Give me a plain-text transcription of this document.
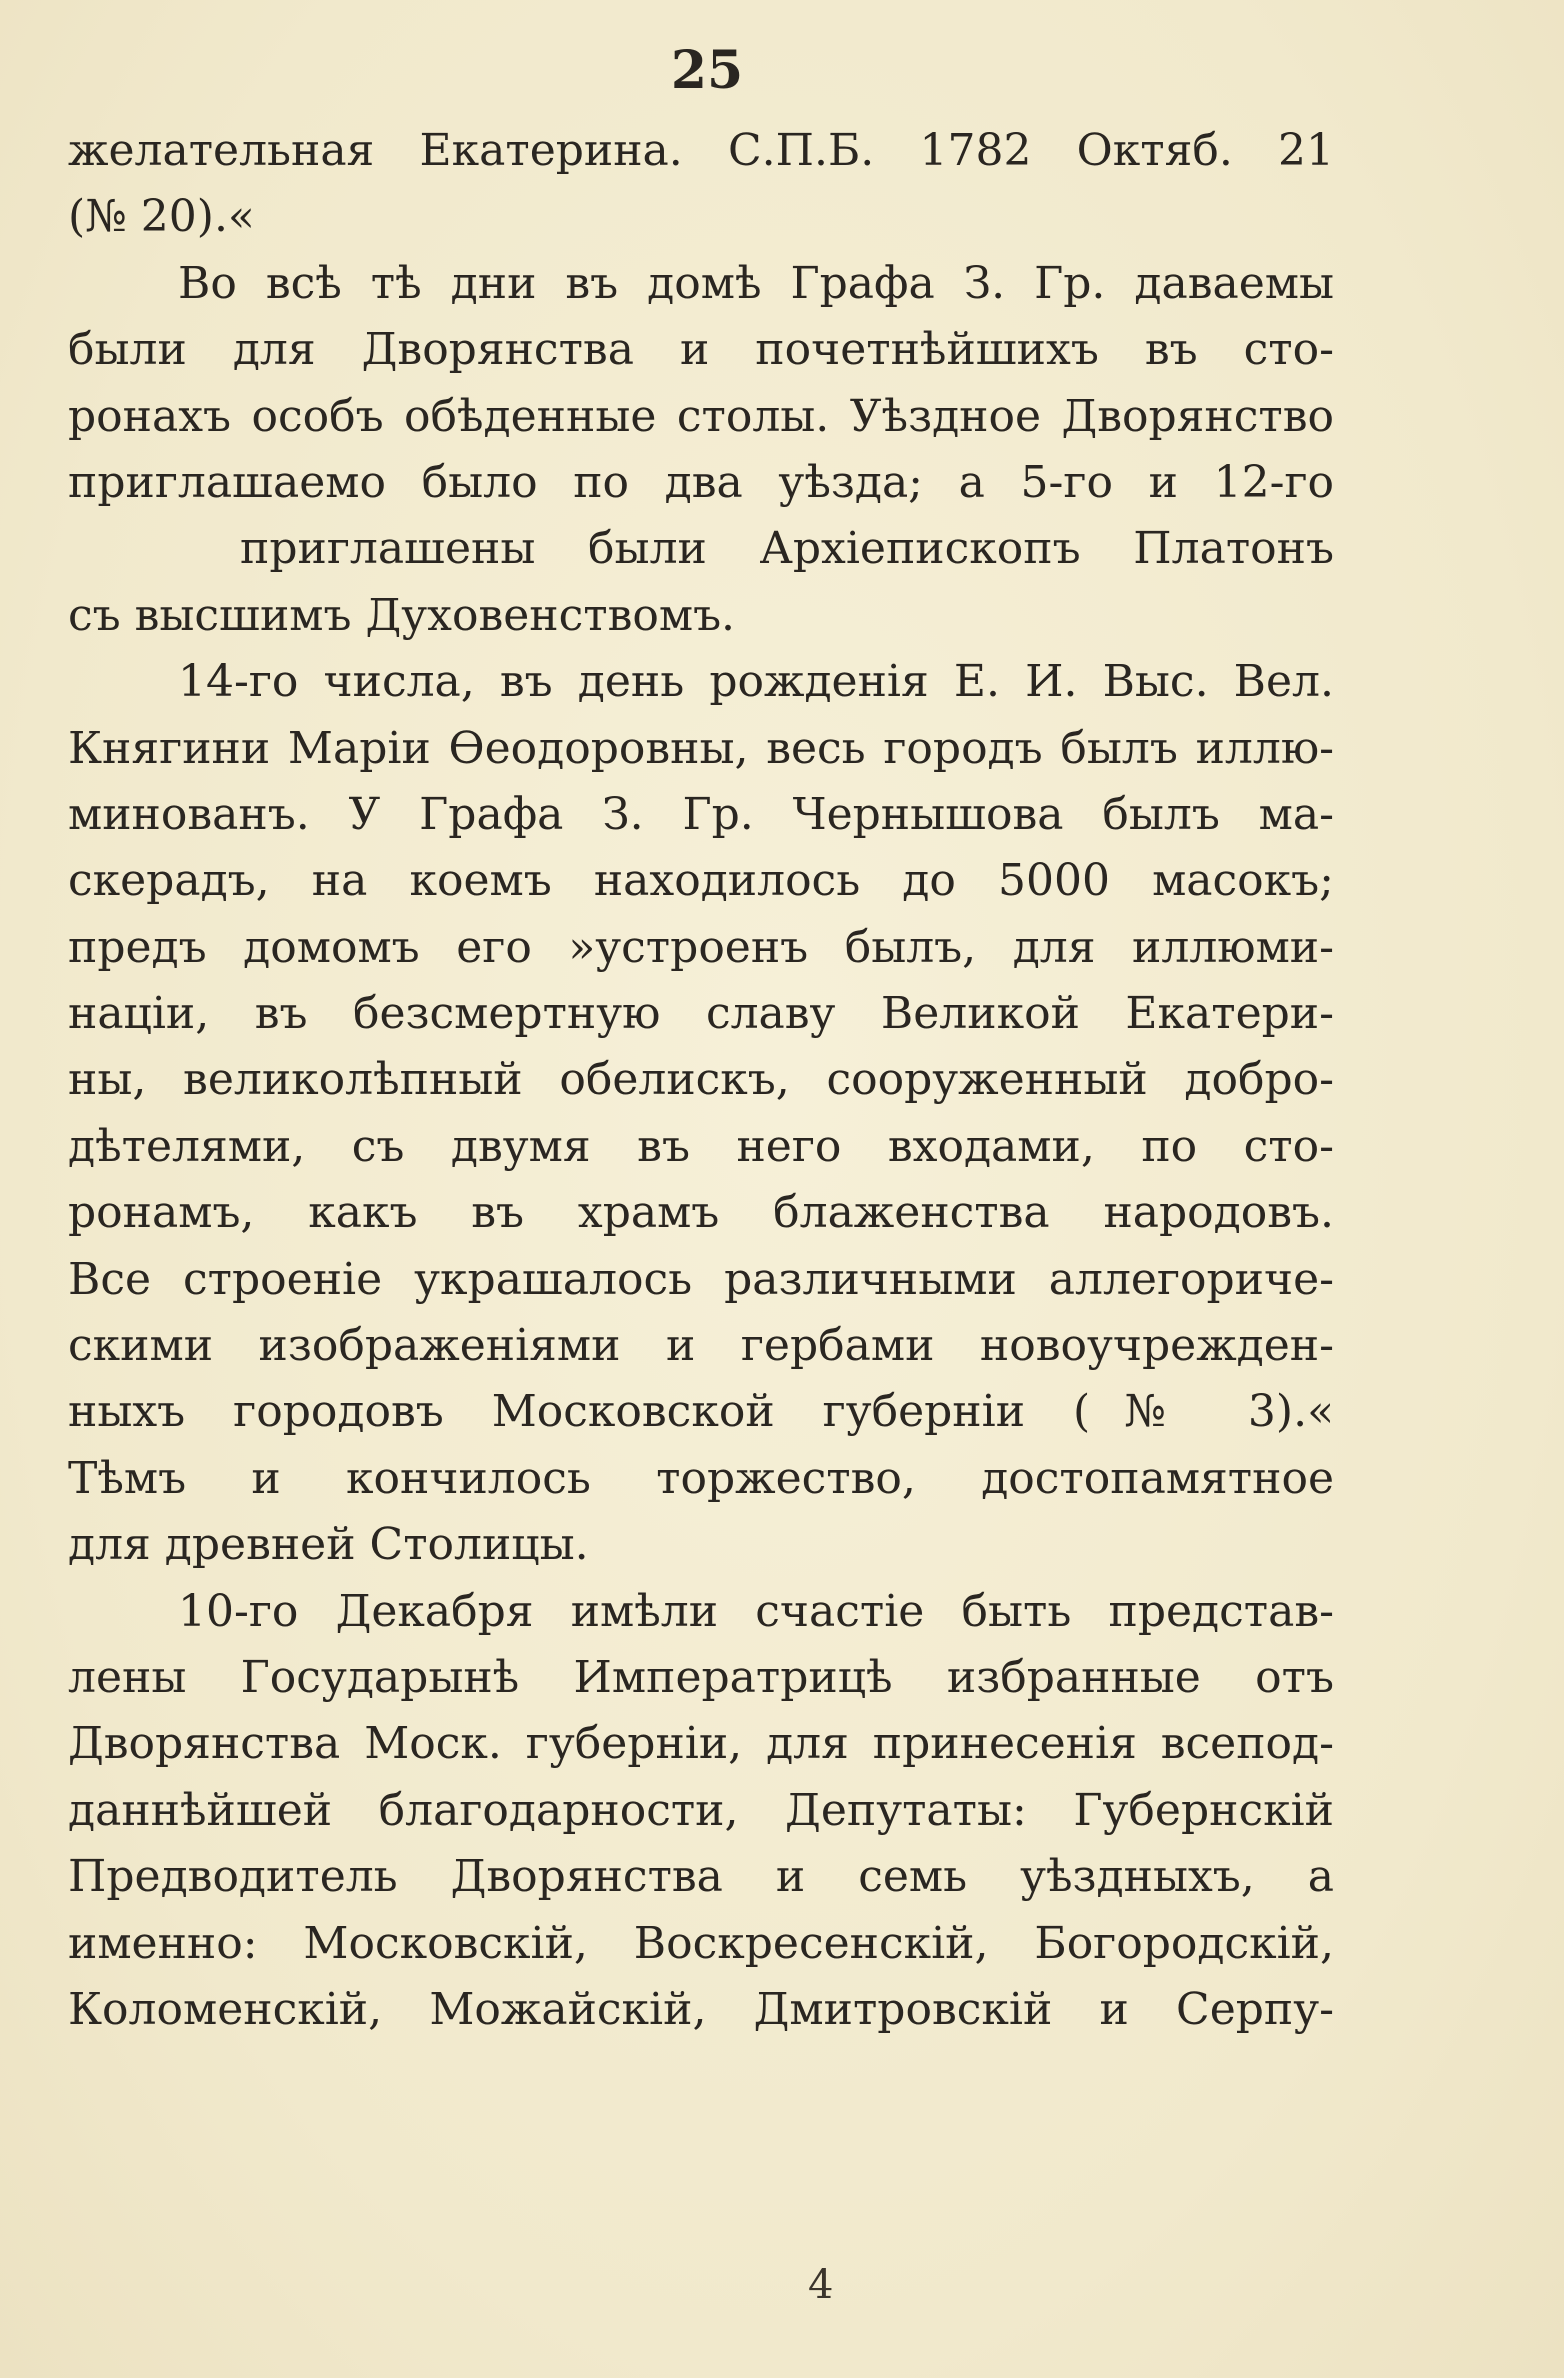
25
желательная Екатерина. С.П.Б. 1782 Октяб. 21
(№ 20).«
Во всѣ тѣ дни въ домѣ Графа З. Гр. даваемы
были для Дворянства и почетнѣйшихъ въ сто-
ронахъ особъ обѣденные столы. Уѣздное Дворянство
приглашаемо было по два уѣзда; а 5-го и 12-го
приглашены были Архіепископъ Платонъ
съ высшимъ Духовенствомъ.
14-го числа, въ день рожденія Е. И. Выс. Вел.
Княгини Маріи Ѳеодоровны, весь городъ былъ иллю-
минованъ. У Графа З. Гр. Чернышова былъ ма-
скерадъ, на коемъ находилось до 5000 масокъ;
предъ домомъ его »устроенъ былъ, для иллюми-
націи, въ безсмертную славу Великой Екатери-
ны, великолѣпный обелискъ, сооруженный добро-
дѣтелями, съ двумя въ него входами, по сто-
ронамъ, какъ въ храмъ блаженства народовъ.
Все строеніе украшалось различными аллегориче-
скими изображеніями и гербами новоучрежден-
ныхъ городовъ Московской губерніи (№ 3).«
Тѣмъ и кончилось торжество, достопамятное
для древней Столицы.
10-го Декабря имѣли счастіе быть представ-
лены Государынѣ Императрицѣ избранные отъ
Дворянства Моск. губерніи, для принесенія всепод-
даннѣйшей благодарности, Депутаты: Губернскій
Предводитель Дворянства и семь уѣздныхъ, а
именно: Московскій, Воскресенскій, Богородскій,
Коломенскій, Можайскій, Дмитровскій и Серпу-
4
